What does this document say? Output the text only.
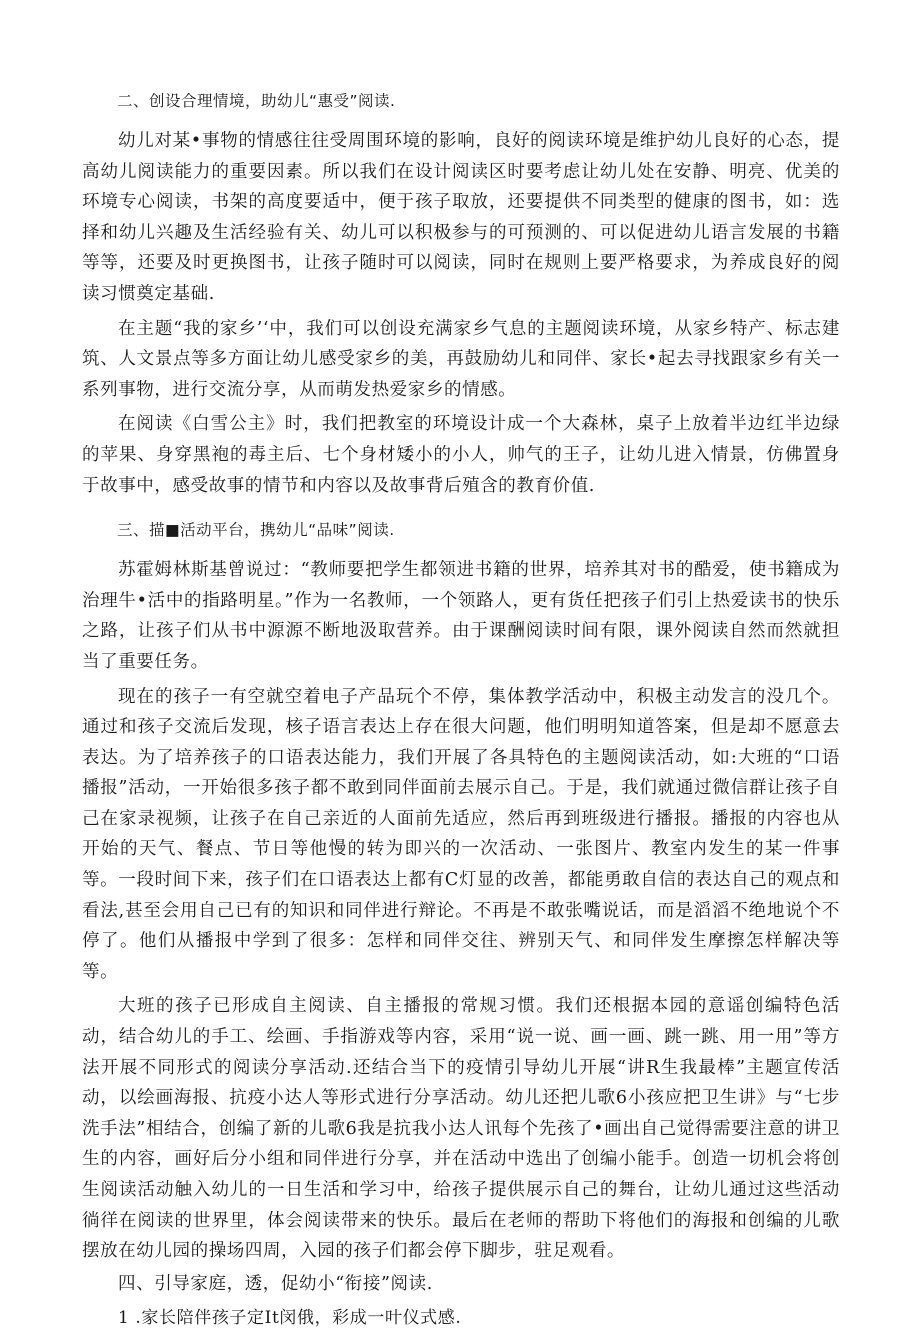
二、创设合理情境，助幼儿“惠受”阅读.

幼儿对某•事物的情感往往受周围环境的影响，良好的阅读环境是维护幼儿良好的心态，提高幼儿阅读能力的重要因素。所以我们在设计阅读区时要考虑让幼儿处在安静、明亮、优美的环境专心阅读，书架的高度要适中，便于孩子取放，还要提供不同类型的健康的图书，如：选择和幼儿兴趣及生活经验有关、幼儿可以积极参与的可预测的、可以促进幼儿语言发展的书籍等等，还要及时更换图书，让孩子随时可以阅读，同时在规则上要严格要求，为养成良好的阅读习惯奠定基础.

在主题“我的家乡’‘中，我们可以创设充满家乡气息的主题阅读环境，从家乡特产、标志建筑、人文景点等多方面让幼儿感受家乡的美，再鼓励幼儿和同伴、家长•起去寻找跟家乡有关一系列事物，进行交流分享，从而萌发热爱家乡的情感。

在阅读《白雪公主》时，我们把教室的环境设计成一个大森林，桌子上放着半边红半边绿的苹果、身穿黑袍的毒主后、七个身材矮小的小人，帅气的王子，让幼儿进入情景，仿佛置身于故事中，感受故事的情节和内容以及故事背后殖含的教育价值.

三、描■活动平台，携幼儿“品味”阅读.

苏霍姆林斯基曾说过：“教师要把学生都领进书籍的世界，培养其对书的酷爱，使书籍成为治理牛•活中的指路明星。”作为一名教师，一个领路人，更有货任把孩子们引上热爱读书的快乐之路，让孩子们从书中源源不断地汲取营养。由于课酬阅读时间有限，课外阅读自然而然就担当了重要任务。

现在的孩子一有空就空着电子产品玩个不停，集体教学活动中，积极主动发言的没几个。通过和孩子交流后发现，核子语言表达上存在很大问题，他们明明知道答案，但是却不愿意去表达。为了培养孩子的口语表达能力，我们开展了各具特色的主题阅读活动，如:大班的“口语播报”活动，一开始很多孩子都不敢到同伴面前去展示自己。于是，我们就通过微信群让孩子自己在家录视频，让孩子在自己亲近的人面前先适应，然后再到班级进行播报。播报的内容也从开始的天气、餐点、节日等他慢的转为即兴的一次活动、一张图片、教室内发生的某一件事等。一段时间下来，孩子们在口语表达上都有C灯显的改善，都能勇敢自信的表达自己的观点和看法,甚至会用自己已有的知识和同伴进行辩论。不再是不敢张嘴说话，而是滔滔不绝地说个不停了。他们从播报中学到了很多：怎样和同伴交往、辨别天气、和同伴发生摩擦怎样解决等等。

大班的孩子已形成自主阅读、自主播报的常规习惯。我们还根据本园的意谣创编特色活动，结合幼儿的手工、绘画、手指游戏等内容，采用“说一说、画一画、跳一跳、用一用”等方法开展不同形式的阅读分享活动.还结合当下的疫情引导幼儿开展“讲R生我最棒”主题宣传活动，以绘画海报、抗疫小达人等形式进行分享活动。幼儿还把儿歌6小孩应把卫生讲》与“七步洗手法”相结合，创编了新的儿歌6我是抗我小达人讯每个先孩了•画出自己觉得需要注意的讲卫生的内容，画好后分小组和同伴进行分享，并在活动中选出了创编小能手。创造一切机会将创生阅读活动触入幼儿的一日生活和学习中，给孩子提供展示自己的舞台，让幼儿通过这些活动徜徉在阅读的世界里，体会阅读带来的快乐。最后在老师的帮助下将他们的海报和创编的儿歌摆放在幼儿园的操场四周，入园的孩子们都会停下脚步，驻足观看。

四、引导家庭，透，促幼小“衔接”阅读.

1 .家长陪伴孩子定It闵俄，彩成一叶仪式感.
